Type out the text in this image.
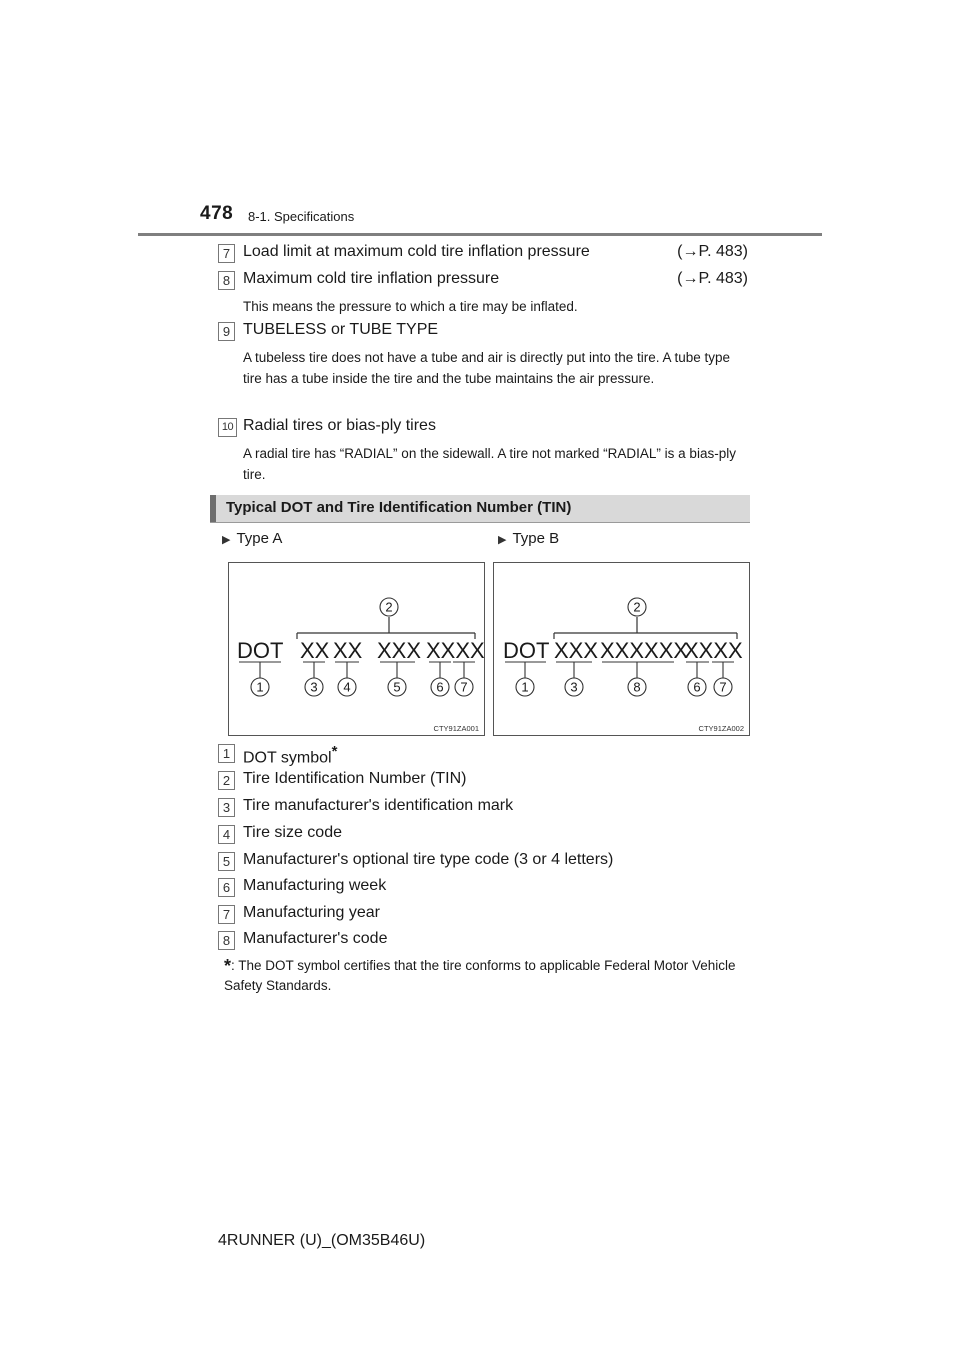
478 8-1. Specifications
7 Load limit at maximum cold tire inflation pressure	(→P. 483)
8 Maximum cold tire inflation pressure	(→P. 483)
This means the pressure to which a tire may be inflated.
9 TUBELESS or TUBE TYPE
A tubeless tire does not have a tube and air is directly put into the tire. A tube type tire has a tube inside the tire and the tube maintains the air pressure.
10 Radial tires or bias-ply tires
A radial tire has “RADIAL” on the sidewall. A tire not marked “RADIAL” is a bias-ply tire.
Typical DOT and Tire Identification Number (TIN)
▶ Type A	▶ Type B
2
DOT XX XX XXX XXXX
1	3 4	5	6 7
CTY91ZA001
2
DOT XXX XXXXXX
XXXX
1	3	8	6 7
CTY91ZA002
1 DOT symbol*
2 Tire Identification Number (TIN)
3 Tire manufacturer's identification mark
4 Tire size code
5 Manufacturer's optional tire type code (3 or 4 letters)
6 Manufacturing week
7 Manufacturing year
8 Manufacturer's code
*: The DOT symbol certifies that the tire conforms to applicable Federal Motor Vehicle Safety Standards.
4RUNNER (U)_(OM35B46U)
